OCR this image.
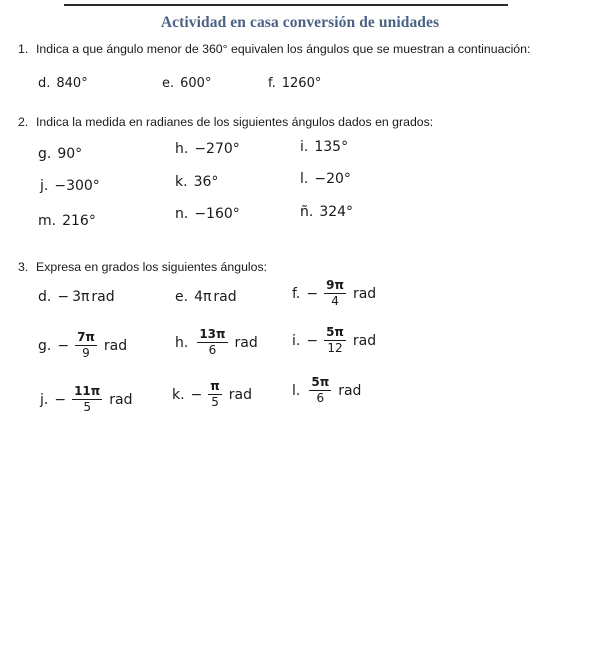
Actividad en casa conversión de unidades
1. Indica a que ángulo menor de 360° equivalen los ángulos que se muestran a continuación:
d. 840°	e. 600°	f. 1260°
2. Indica la medida en radianes de los siguientes ángulos dados en grados:
g. 90°	h. −270°	i. 135°
j. −300°	k. 36°	l. −20°
m. 216°	n. −160°	ñ. 324°
3. Expresa en grados los siguientes ángulos:
d. − 3π rad	e. 4π rad	f. − $\frac{9\pi}{4}$ rad
g. − $\frac{7\pi}{9}$ rad	h. $\frac{13\pi}{6}$ rad i. − $\frac{5\pi}{12}$ rad
j. − $\frac{11\pi}{5}$ rad	k. − $\frac{\pi}{5}$ rad	l. $\frac{5\pi}{6}$ rad
